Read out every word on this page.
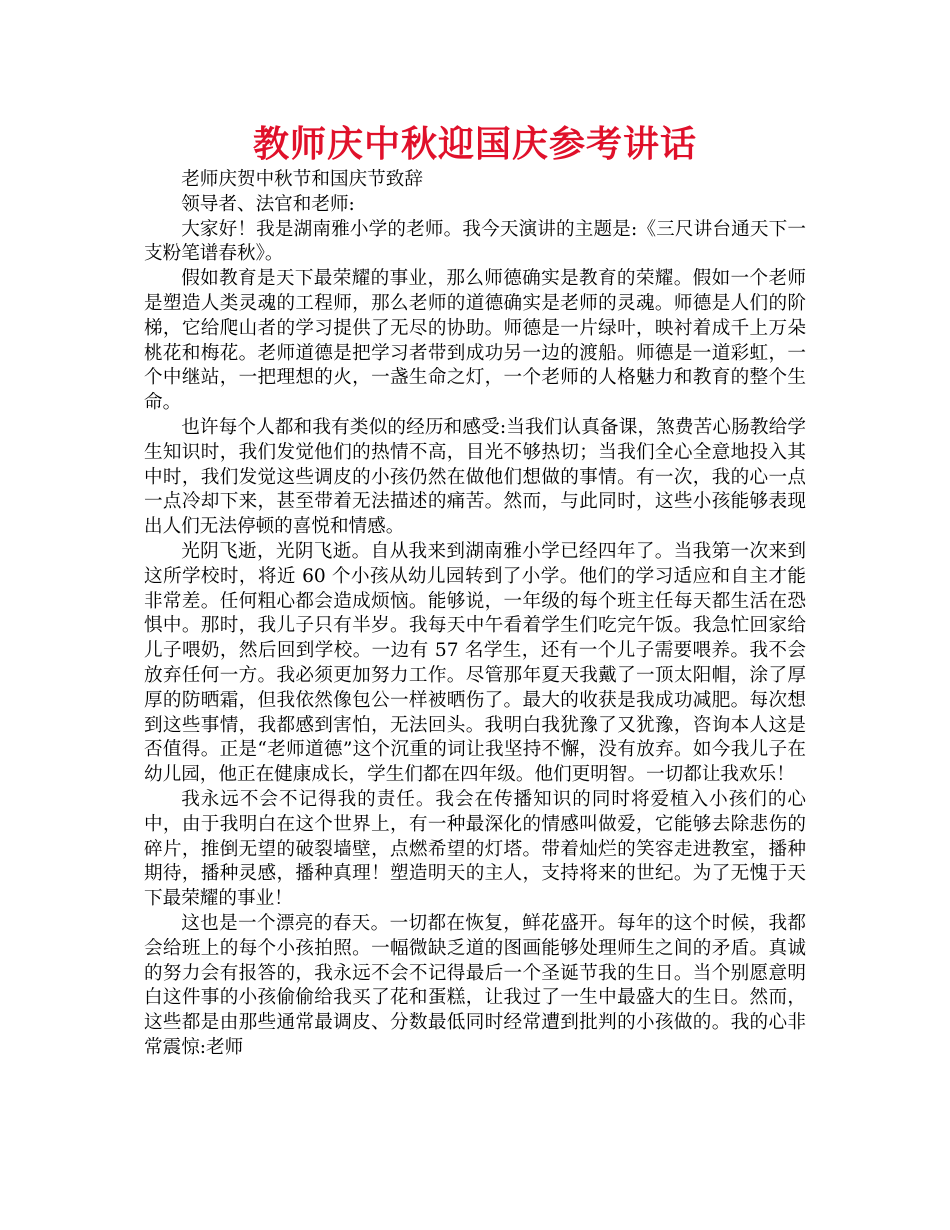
教师庆中秋迎国庆参考讲话

老师庆贺中秋节和国庆节致辞

领导者、法官和老师:

大家好！我是湖南雅小学的老师。我今天演讲的主题是:《三尺讲台通天下一支粉笔谱春秋》。

假如教育是天下最荣耀的事业，那么师德确实是教育的荣耀。假如一个老师是塑造人类灵魂的工程师，那么老师的道德确实是老师的灵魂。师德是人们的阶梯，它给爬山者的学习提供了无尽的协助。师德是一片绿叶，映衬着成千上万朵桃花和梅花。老师道德是把学习者带到成功另一边的渡船。师德是一道彩虹，一个中继站，一把理想的火，一盏生命之灯，一个老师的人格魅力和教育的整个生命。

也许每个人都和我有类似的经历和感受:当我们认真备课，煞费苦心肠教给学生知识时，我们发觉他们的热情不高，目光不够热切；当我们全心全意地投入其中时，我们发觉这些调皮的小孩仍然在做他们想做的事情。有一次，我的心一点一点冷却下来，甚至带着无法描述的痛苦。然而，与此同时，这些小孩能够表现出人们无法停顿的喜悦和情感。

光阴飞逝，光阴飞逝。自从我来到湖南雅小学已经四年了。当我第一次来到这所学校时，将近 60 个小孩从幼儿园转到了小学。他们的学习适应和自主才能非常差。任何粗心都会造成烦恼。能够说，一年级的每个班主任每天都生活在恐惧中。那时，我儿子只有半岁。我每天中午看着学生们吃完午饭。我急忙回家给儿子喂奶，然后回到学校。一边有 57 名学生，还有一个儿子需要喂养。我不会放弃任何一方。我必须更加努力工作。尽管那年夏天我戴了一顶太阳帽，涂了厚厚的防晒霜，但我依然像包公一样被晒伤了。最大的收获是我成功减肥。每次想到这些事情，我都感到害怕，无法回头。我明白我犹豫了又犹豫，咨询本人这是否值得。正是“老师道德”这个沉重的词让我坚持不懈，没有放弃。如今我儿子在幼儿园，他正在健康成长，学生们都在四年级。他们更明智。一切都让我欢乐！

我永远不会不记得我的责任。我会在传播知识的同时将爱植入小孩们的心中，由于我明白在这个世界上，有一种最深化的情感叫做爱，它能够去除悲伤的碎片，推倒无望的破裂墙壁，点燃希望的灯塔。带着灿烂的笑容走进教室，播种期待，播种灵感，播种真理！塑造明天的主人，支持将来的世纪。为了无愧于天下最荣耀的事业！

这也是一个漂亮的春天。一切都在恢复，鲜花盛开。每年的这个时候，我都会给班上的每个小孩拍照。一幅微缺乏道的图画能够处理师生之间的矛盾。真诚的努力会有报答的，我永远不会不记得最后一个圣诞节我的生日。当个别愿意明白这件事的小孩偷偷给我买了花和蛋糕，让我过了一生中最盛大的生日。然而，这些都是由那些通常最调皮、分数最低同时经常遭到批判的小孩做的。我的心非常震惊:老师
